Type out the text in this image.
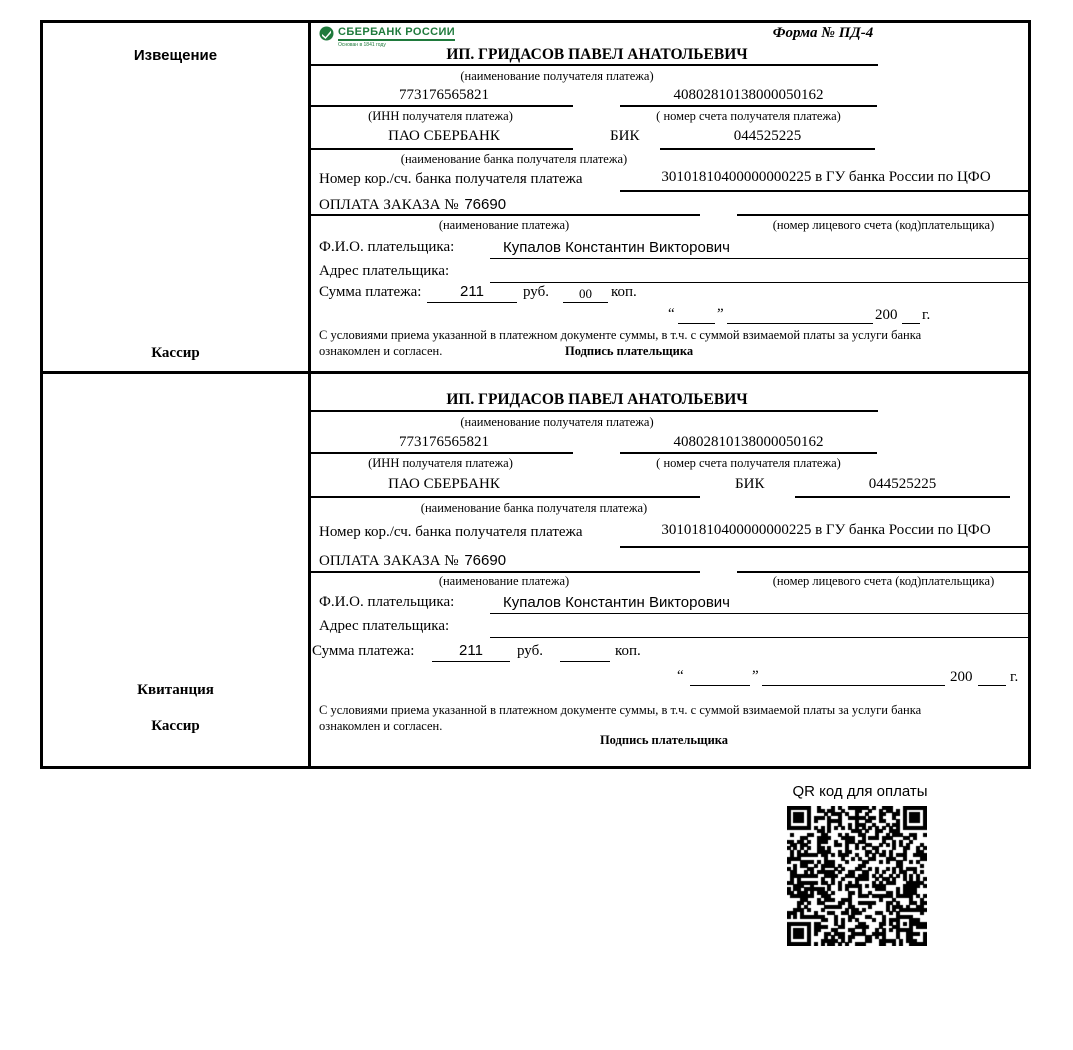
Извещение
Кассир
СБЕРБАНК РОССИИ
Основан в 1841 году
Форма № ПД-4
ИП. ГРИДАСОВ ПАВЕЛ АНАТОЛЬЕВИЧ
(наименование получателя платежа)
773176565821	40802810138000050162
(ИНН получателя платежа)	( номер счета получателя платежа)
ПАО СБЕРБАНК	БИК	044525225
(наименование банка получателя платежа)
Номер кор./сч. банка получателя платежа	30101810400000000225 в ГУ банка России по ЦФО
ОПЛАТА ЗАКАЗА № 76690
(наименование платежа)	(номер лицевого счета (код)плательщика)
Ф.И.О. плательщика:	Купалов Константин Викторович
Адрес плательщика:
Сумма платежа:	211	руб.	00	коп.
“	”	200 г.
С условиями приема указанной в платежном документе суммы, в т.ч. с суммой взимаемой платы за услуги банка
ознакомлен и согласен.	Подпись плательщика
Квитанция
Кассир
ИП. ГРИДАСОВ ПАВЕЛ АНАТОЛЬЕВИЧ
(наименование получателя платежа)
773176565821	40802810138000050162
(ИНН получателя платежа)	( номер счета получателя платежа)
ПАО СБЕРБАНК	БИК	044525225
(наименование банка получателя платежа)
Номер кор./сч. банка получателя платежа	30101810400000000225 в ГУ банка России по ЦФО
ОПЛАТА ЗАКАЗА № 76690
(наименование платежа)	(номер лицевого счета (код)плательщика)
Ф.И.О. плательщика:	Купалов Константин Викторович
Адрес плательщика:
Сумма платежа:	211	руб.	коп.
“	”	200	г.
С условиями приема указанной в платежном документе суммы, в т.ч. с суммой взимаемой платы за услуги банка
ознакомлен и согласен.
Подпись плательщика
QR код для оплаты
